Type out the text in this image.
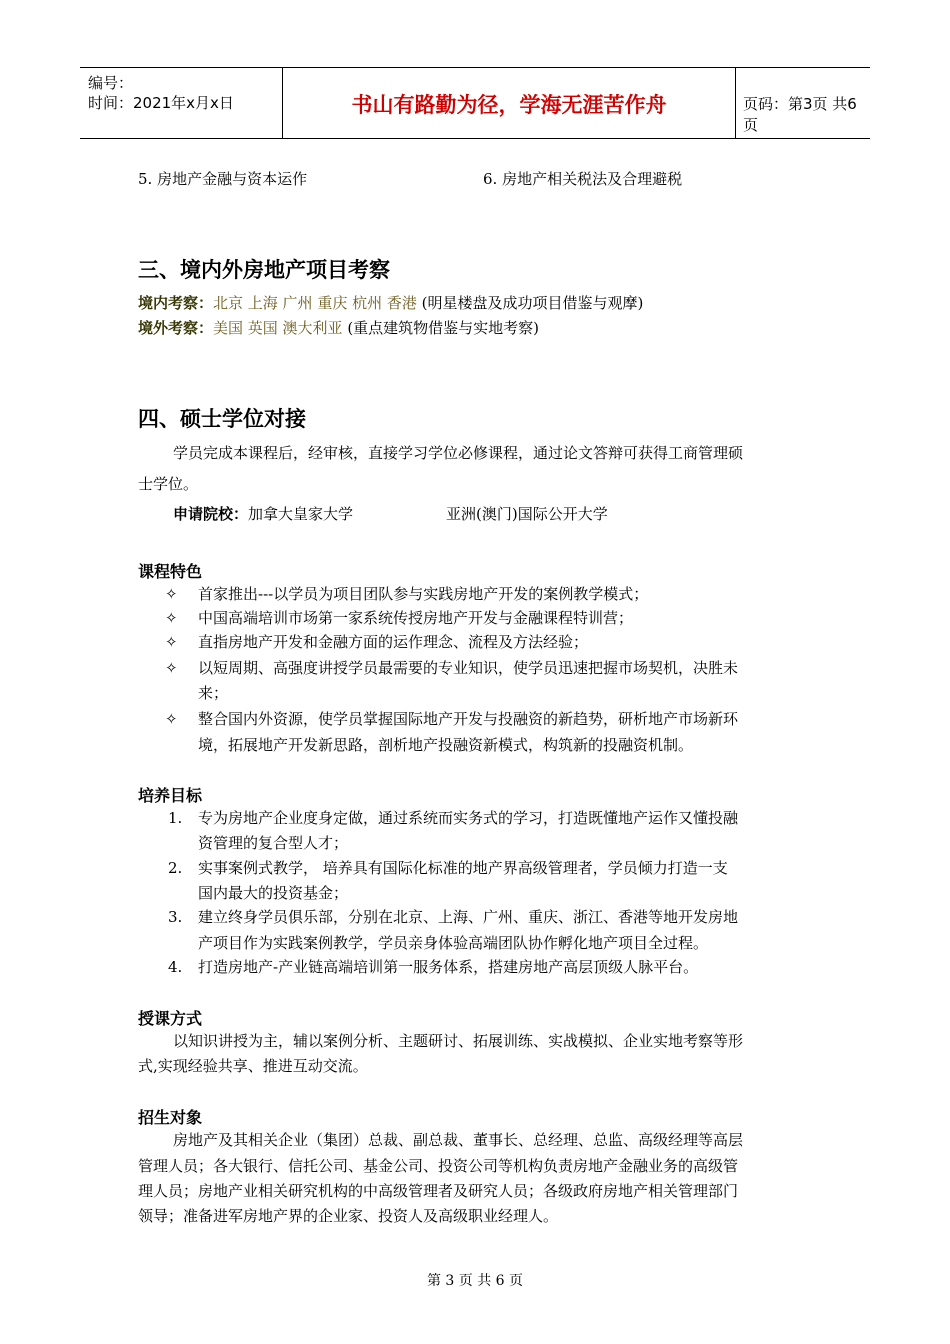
编号：
时间：2021年x月x日	书山有路勤为径，学海无涯苦作舟	页码：第3页 共6页
5. 房地产金融与资本运作	6. 房地产相关税法及合理避税
三、境内外房地产项目考察
境内考察：北京 上海 广州 重庆 杭州 香港 (明星楼盘及成功项目借鉴与观摩)
境外考察：美国 英国 澳大利亚 (重点建筑物借鉴与实地考察)
四、硕士学位对接
学员完成本课程后，经审核，直接学习学位必修课程，通过论文答辩可获得工商管理硕
士学位。
申请院校：加拿大皇家大学	亚洲(澳门)国际公开大学
课程特色
✧ 首家推出---以学员为项目团队参与实践房地产开发的案例教学模式；
✧ 中国高端培训市场第一家系统传授房地产开发与金融课程特训营；
✧ 直指房地产开发和金融方面的运作理念、流程及方法经验；
✧ 以短周期、高强度讲授学员最需要的专业知识，使学员迅速把握市场契机，决胜未
来；
✧ 整合国内外资源，使学员掌握国际地产开发与投融资的新趋势，研析地产市场新环
境，拓展地产开发新思路，剖析地产投融资新模式，构筑新的投融资机制。
培养目标
1. 专为房地产企业度身定做，通过系统而实务式的学习，打造既懂地产运作又懂投融
资管理的复合型人才；
2. 实事案例式教学， 培养具有国际化标准的地产界高级管理者，学员倾力打造一支
国内最大的投资基金；
3. 建立终身学员俱乐部，分别在北京、上海、广州、重庆、浙江、香港等地开发房地
产项目作为实践案例教学，学员亲身体验高端团队协作孵化地产项目全过程。
4. 打造房地产-产业链高端培训第一服务体系，搭建房地产高层顶级人脉平台。
授课方式
以知识讲授为主，辅以案例分析、主题研讨、拓展训练、实战模拟、企业实地考察等形
式,实现经验共享、推进互动交流。
招生对象
房地产及其相关企业（集团）总裁、副总裁、董事长、总经理、总监、高级经理等高层
管理人员；各大银行、信托公司、基金公司、投资公司等机构负责房地产金融业务的高级管
理人员；房地产业相关研究机构的中高级管理者及研究人员；各级政府房地产相关管理部门
领导；准备进军房地产界的企业家、投资人及高级职业经理人。
第 3 页 共 6 页
